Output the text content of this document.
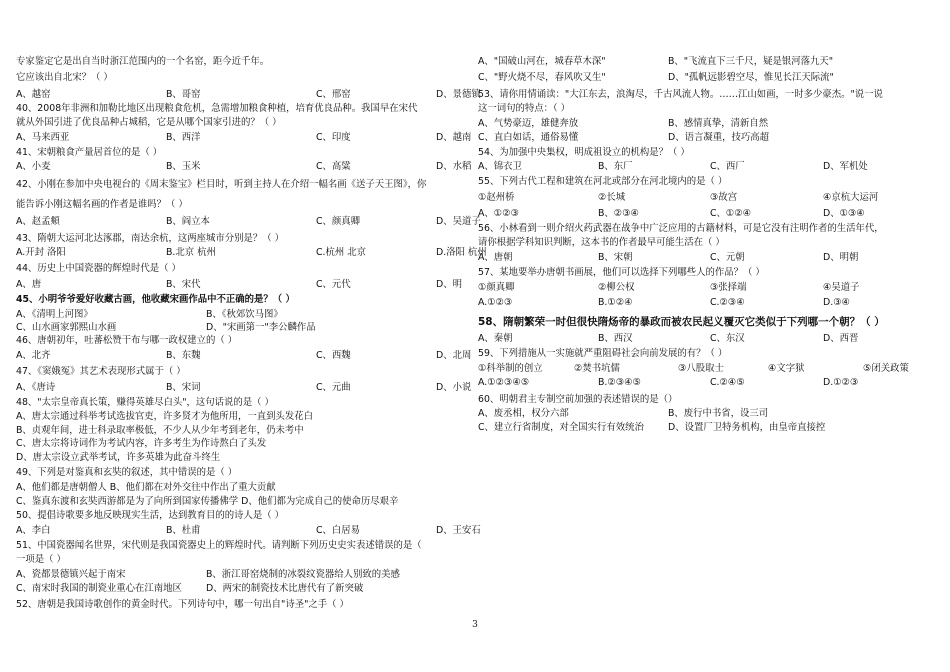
专家鉴定它是出自当时浙江范围内的一个名窑，距今近千年。
它应该出自北宋？（ ）
A、越窑	B、哥窑	C、邢窑	D、景德镇
40、2008年非洲和加勒比地区出现粮食危机，急需增加粮食种植，培育优良品种。我国早在宋代
就从外国引进了优良品种占城稻，它是从哪个国家引进的？（ ）
A、马来西亚	B、西洋	C、印度	D、越南
41、宋朝粮食产量居首位的是（ ）
A、小麦	B、玉米	C、高粱	D、水稻
42、小刚在参加中央电视台的《周末鉴宝》栏目时，听到主持人在介绍一幅名画《送子天王图》，你
能告诉小刚这幅名画的作者是谁吗？（ ）
A、赵孟頫	B、阎立本	C、颜真卿	D、吴道子
43、隋朝大运河北达涿郡，南达余杭，这两座城市分别是？（ ）
A.开封 洛阳	B.北京 杭州	C.杭州 北京	D.洛阳 杭州
44、历史上中国瓷器的辉煌时代是（ ）
A、唐	B、宋代	C、元代	D、明
45、小明爷爷爱好收藏古画，他收藏宋画作品中不正确的是？（ ）
A、《清明上河图》	B、《秋郊饮马图》
C、山水画家郭熙山水画	D、"宋画第一"李公麟作品
46、唐朝初年，吐蕃松赞干布与哪一政权建立的（ ）
A、北齐	B、东魏	C、西魏	D、北周
47、《窦娥冤》其艺术表现形式属于（ ）
A、《唐诗	B、宋词	C、元曲	D、小说
48、"太宗皇帝真长策，赚得英雄尽白头"，这句话说的是（ ）
A、唐太宗通过科举考试选拔官吏，许多贤才为他所用，一直到头发花白
B、贞观年间，进士科录取率极低，不少人从少年考到老年，仍未考中
C、唐太宗将诗词作为考试内容，许多考生为作诗熬白了头发
D、唐太宗设立武举考试，许多英雄为此奋斗终生
49、下列是对鉴真和玄奘的叙述，其中错误的是（ ）
A、他们都是唐朝僧人 B、他们都在对外交往中作出了重大贡献
C、鉴真东渡和玄奘西游都是为了向所到国家传播佛学 D、他们都为完成自己的使命历尽艰辛
50、提倡诗歌要多地反映现实生活，达到教育目的的诗人是（ ）
A、李白	B、杜甫	C、白居易	D、王安石
51、中国瓷器闻名世界，宋代则是我国瓷器史上的辉煌时代。请判断下列历史史实表述错误的是（
一项是（ ）
A、瓷都景德镇兴起于南宋	B、浙江哥窑烧制的冰裂纹瓷器给人别致的美感
C、南宋时我国的制瓷业重心在江南地区	D、两宋的制瓷技术比唐代有了新突破
52、唐朝是我国诗歌创作的黄金时代。下列诗句中，哪一句出自"诗圣"之手（ ）
A、"国破山河在，城春草木深"	B、"飞流直下三千尺，疑是银河落九天"
C、"野火烧不尽，春风吹又生"	D、"孤帆远影碧空尽，惟见长江天际流"
53、请你用情诵读："大江东去，浪淘尽，千古风流人物。……江山如画，一时多少豪杰。"说一说
这一词句的特点：（ ）
A、气势豪迈，雄健奔放	B、感情真挚，清新自然
C、直白如话，通俗易懂	D、语言凝重，技巧高超
54、为加强中央集权，明成祖设立的机构是？（ ）
A、锦衣卫	B、东厂	C、西厂	D、军机处
55、下列古代工程和建筑在河北或部分在河北境内的是（ ）
①赵州桥	②长城	③故宫	④京杭大运河
A、①②③	B、②③④	C、①②④	D、①③④
56、小林看到一则介绍火药武器在战争中广泛应用的古籍材料，可是它没有注明作者的生活年代，
请你根据学科知识判断，这本书的作者最早可能生活在（ ）
A、唐朝	B、宋朝	C、元朝	D、明朝
57、某地要举办唐朝书画展，他们可以选择下列哪些人的作品？（ ）
①颜真卿	②柳公权	③张择端	④吴道子
A.①②③	B.①②④	C.②③④	D.③④
58、隋朝繁荣一时但很快隋炀帝的暴政而被农民起义覆灭它类似于下列哪一个朝？（ ）
A、秦朝	B、西汉	C、东汉	D、西晋
59、下列措施从一实施就严重阻碍社会向前发展的有？（ ）
①科举制的创立	②焚书坑儒	③八股取士	④文字狱	⑤闭关政策
A.①②③④⑤	B.②③④⑤	C.②④⑤	D.①②③
60、明朝君主专制空前加强的表述错误的是（）
A、废丞相，权分六部	B、废行中书省，设三司
C、建立行省制度，对全国实行有效统治	D、设置厂卫特务机构，由皇帝直接控
3
